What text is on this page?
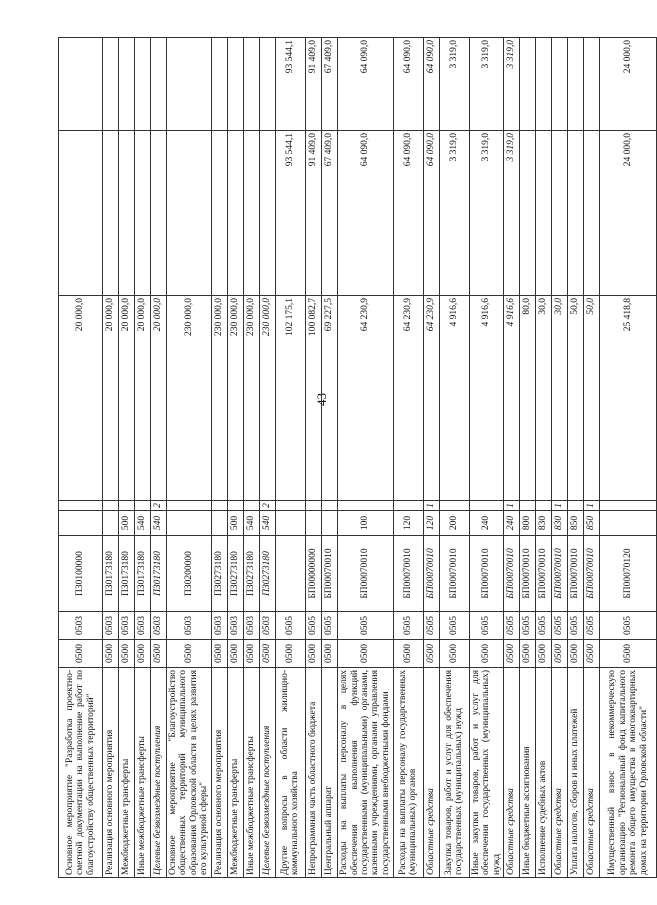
43
Основное мероприятие "Разработка проектно-сметной документации на выполнение работ по благоустройству общественных территорий"	0500	0503	ПЗ0100000			20 000,0		
Реализация основного мероприятия	0500	0503	ПЗ0173180			20 000,0		
Межбюджетные трансферты	0500	0503	ПЗ0173180	500		20 000,0		
Иные межбюджетные трансферты	0500	0503	ПЗ0173180	540		20 000,0		
Целевые безвозмездные поступления	0500	0503	ПЗ0173180	540	2	20 000,0		
Основное мероприятие "Благоустройство общественных территорий муниципального образования Орловской области в целях развития его культурной сферы"	0500	0503	ПЗ0200000			230 000,0		
Реализация основного мероприятия	0500	0503	ПЗ0273180			230 000,0		
Межбюджетные трансферты	0500	0503	ПЗ0273180	500		230 000,0		
Иные межбюджетные трансферты	0500	0503	ПЗ0273180	540		230 000,0		
Целевые безвозмездные поступления	0500	0503	ПЗ0273180	540	2	230 000,0		
Другие вопросы в области жилищно-коммунального хозяйства	0500	0505				102 175,1	93 544,1	93 544,1
Непрограммная часть областного бюджета	0500	0505	БП00000000			100 082,7	91 409,0	91 409,0
Центральный аппарат	0500	0505	БП00070010			69 227,5	67 409,0	67 409,0
Расходы на выплаты персоналу в целях обеспечения выполнения функций государственными (муниципальными) органами, казенными учреждениями, органами управления государственными внебюджетными фондами	0500	0505	БП00070010	100		64 230,9	64 090,0	64 090,0
Расходы на выплаты персоналу государственных (муниципальных) органов	0500	0505	БП00070010	120		64 230,9	64 090,0	64 090,0
Областные средства	0500	0505	БП00070010	120	1	64 230,9	64 090,0	64 090,0
Закупка товаров, работ и услуг для обеспечения государственных (муниципальных) нужд	0500	0505	БП00070010	200		4 916,6	3 319,0	3 319,0
Иные закупки товаров, работ и услуг для обеспечения государственных (муниципальных) нужд	0500	0505	БП00070010	240		4 916,6	3 319,0	3 319,0
Областные средства	0500	0505	БП00070010	240	1	4 916,6	3 319,0	3 319,0
Иные бюджетные ассигнования	0500	0505	БП00070010	800		80,0		
Исполнение судебных актов	0500	0505	БП00070010	830		30,0		
Областные средства	0500	0505	БП00070010	830	1	30,0		
Уплата налогов, сборов и иных платежей	0500	0505	БП00070010	850		50,0		
Областные средства	0500	0505	БП00070010	850	1	50,0		
Имущественный взнос в некоммерческую организацию "Региональный фонд капитального ремонта общего имущества в многоквартирных домах на территории Орловской области"	0500	0505	БП00070120			25 418,8	24 000,0	24 000,0
